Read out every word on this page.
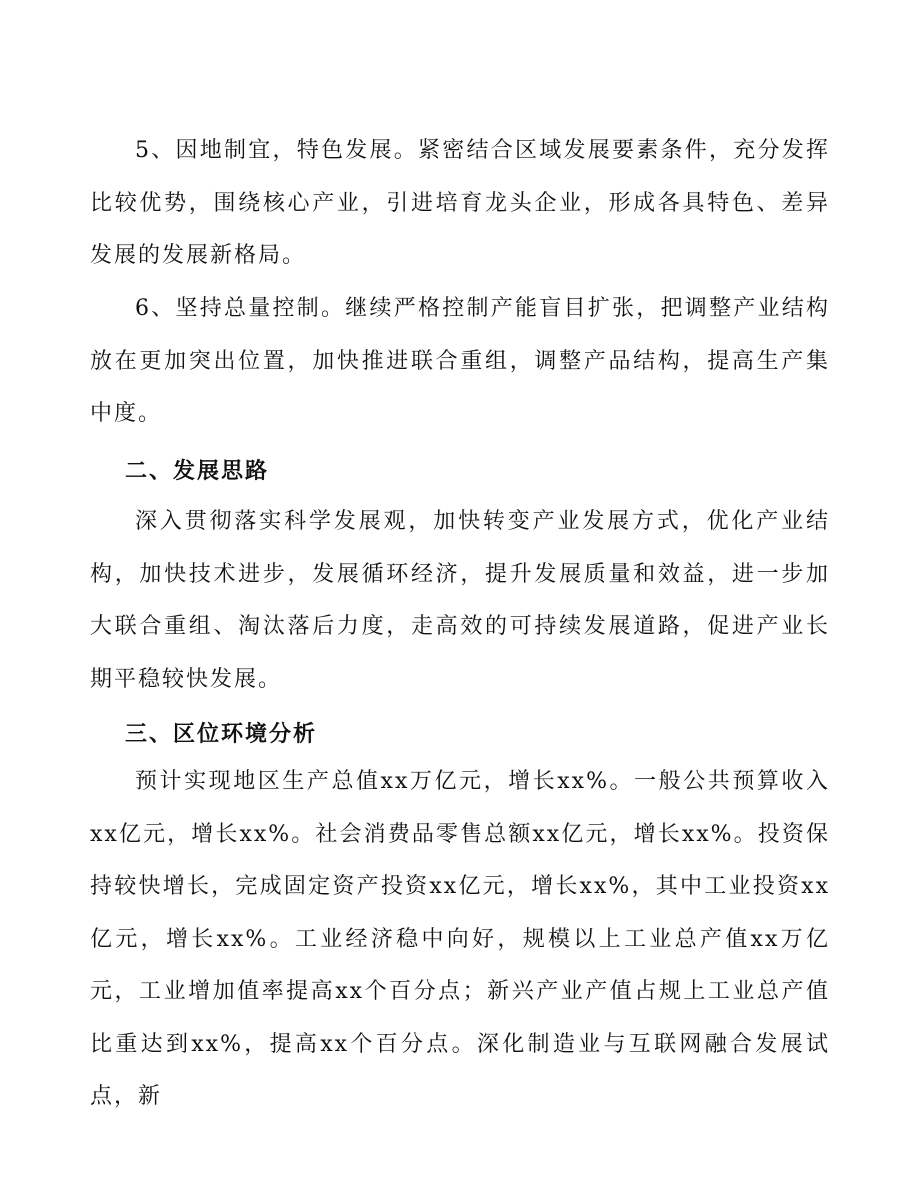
5、因地制宜，特色发展。紧密结合区域发展要素条件，充分发挥比较优势，围绕核心产业，引进培育龙头企业，形成各具特色、差异发展的发展新格局。

6、坚持总量控制。继续严格控制产能盲目扩张，把调整产业结构放在更加突出位置，加快推进联合重组，调整产品结构，提高生产集中度。

二、发展思路

深入贯彻落实科学发展观，加快转变产业发展方式，优化产业结构，加快技术进步，发展循环经济，提升发展质量和效益，进一步加大联合重组、淘汰落后力度，走高效的可持续发展道路，促进产业长期平稳较快发展。

三、区位环境分析

预计实现地区生产总值xx万亿元，增长xx%。一般公共预算收入xx亿元，增长xx%。社会消费品零售总额xx亿元，增长xx%。投资保持较快增长，完成固定资产投资xx亿元，增长xx%，其中工业投资xx亿元，增长xx%。工业经济稳中向好，规模以上工业总产值xx万亿元，工业增加值率提高xx个百分点；新兴产业产值占规上工业总产值比重达到xx%，提高xx个百分点。深化制造业与互联网融合发展试点，新
